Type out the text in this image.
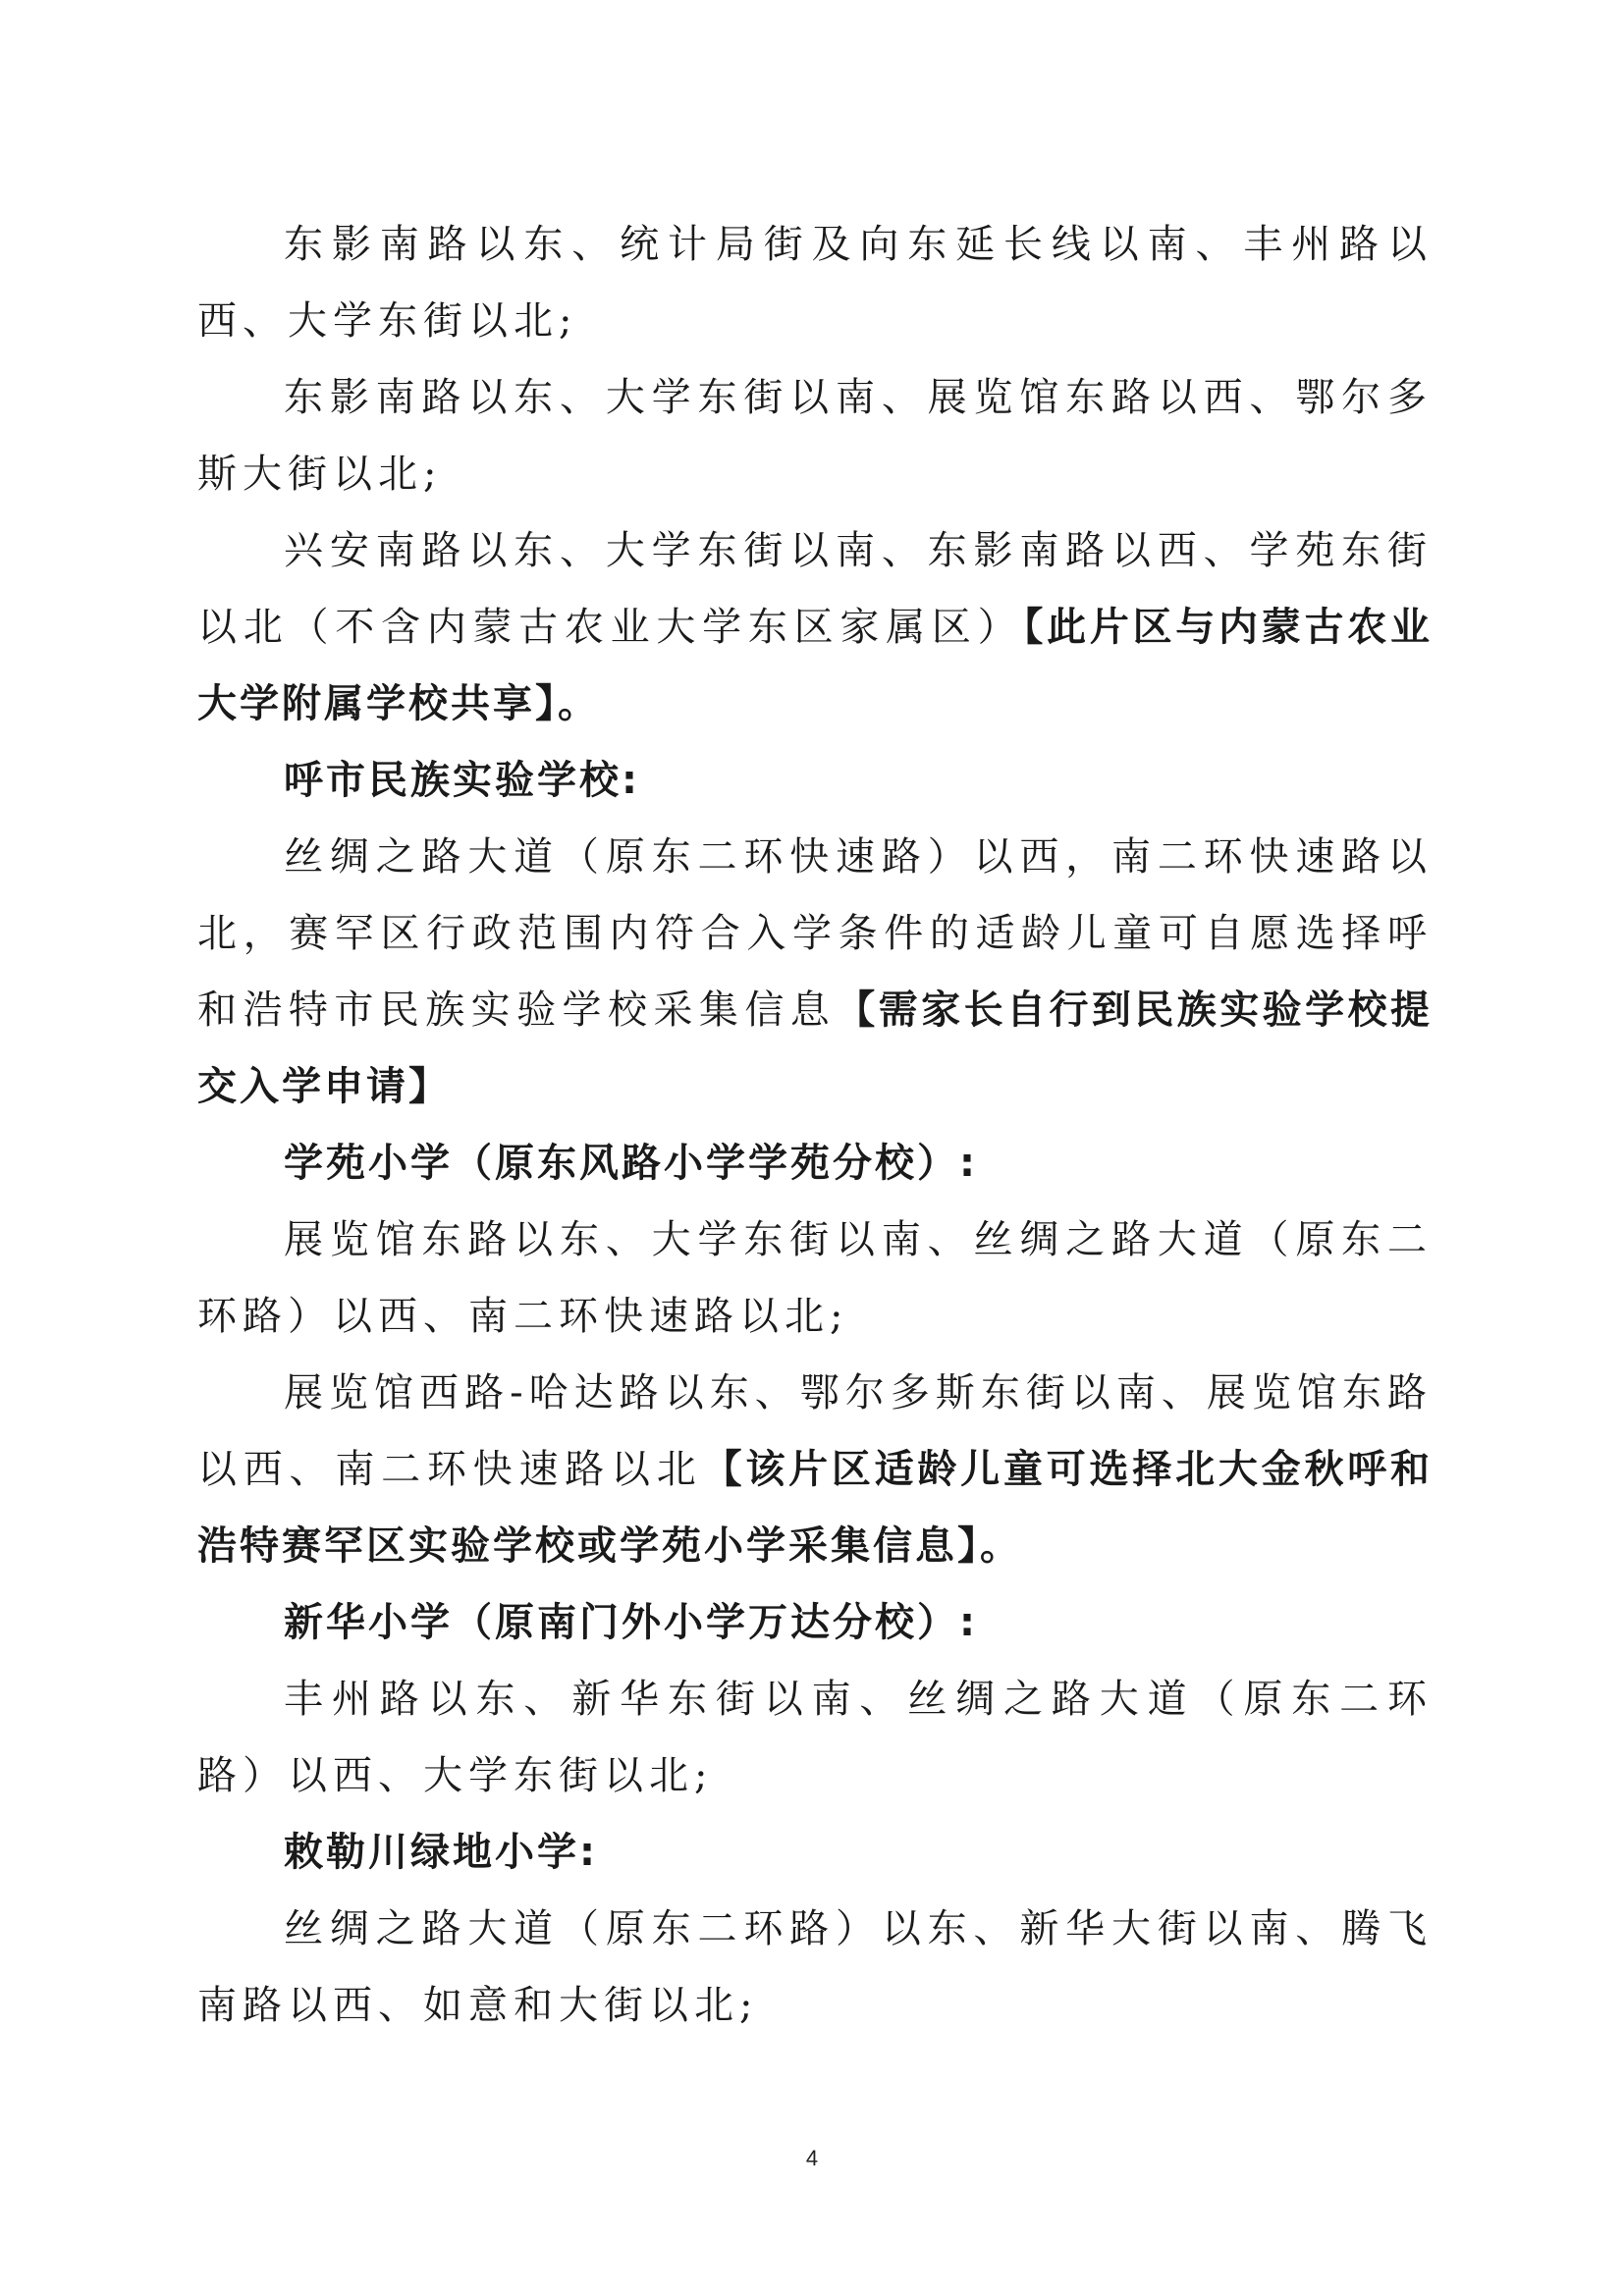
东影南路以东、统计局街及向东延长线以南、丰州路以西、大学东街以北;

东影南路以东、大学东街以南、展览馆东路以西、鄂尔多斯大街以北;

兴安南路以东、大学东街以南、东影南路以西、学苑东街以北（不含内蒙古农业大学东区家属区）【此片区与内蒙古农业大学附属学校共享】。

呼市民族实验学校:

丝绸之路大道（原东二环快速路）以西，南二环快速路以北，赛罕区行政范围内符合入学条件的适龄儿童可自愿选择呼和浩特市民族实验学校采集信息【需家长自行到民族实验学校提交入学申请】

学苑小学（原东风路小学学苑分校）:

展览馆东路以东、大学东街以南、丝绸之路大道（原东二环路）以西、南二环快速路以北;

展览馆西路-哈达路以东、鄂尔多斯东街以南、展览馆东路以西、南二环快速路以北【该片区适龄儿童可选择北大金秋呼和浩特赛罕区实验学校或学苑小学采集信息】。

新华小学（原南门外小学万达分校）:

丰州路以东、新华东街以南、丝绸之路大道（原东二环路）以西、大学东街以北;

敕勒川绿地小学:

丝绸之路大道（原东二环路）以东、新华大街以南、腾飞南路以西、如意和大街以北;

4
